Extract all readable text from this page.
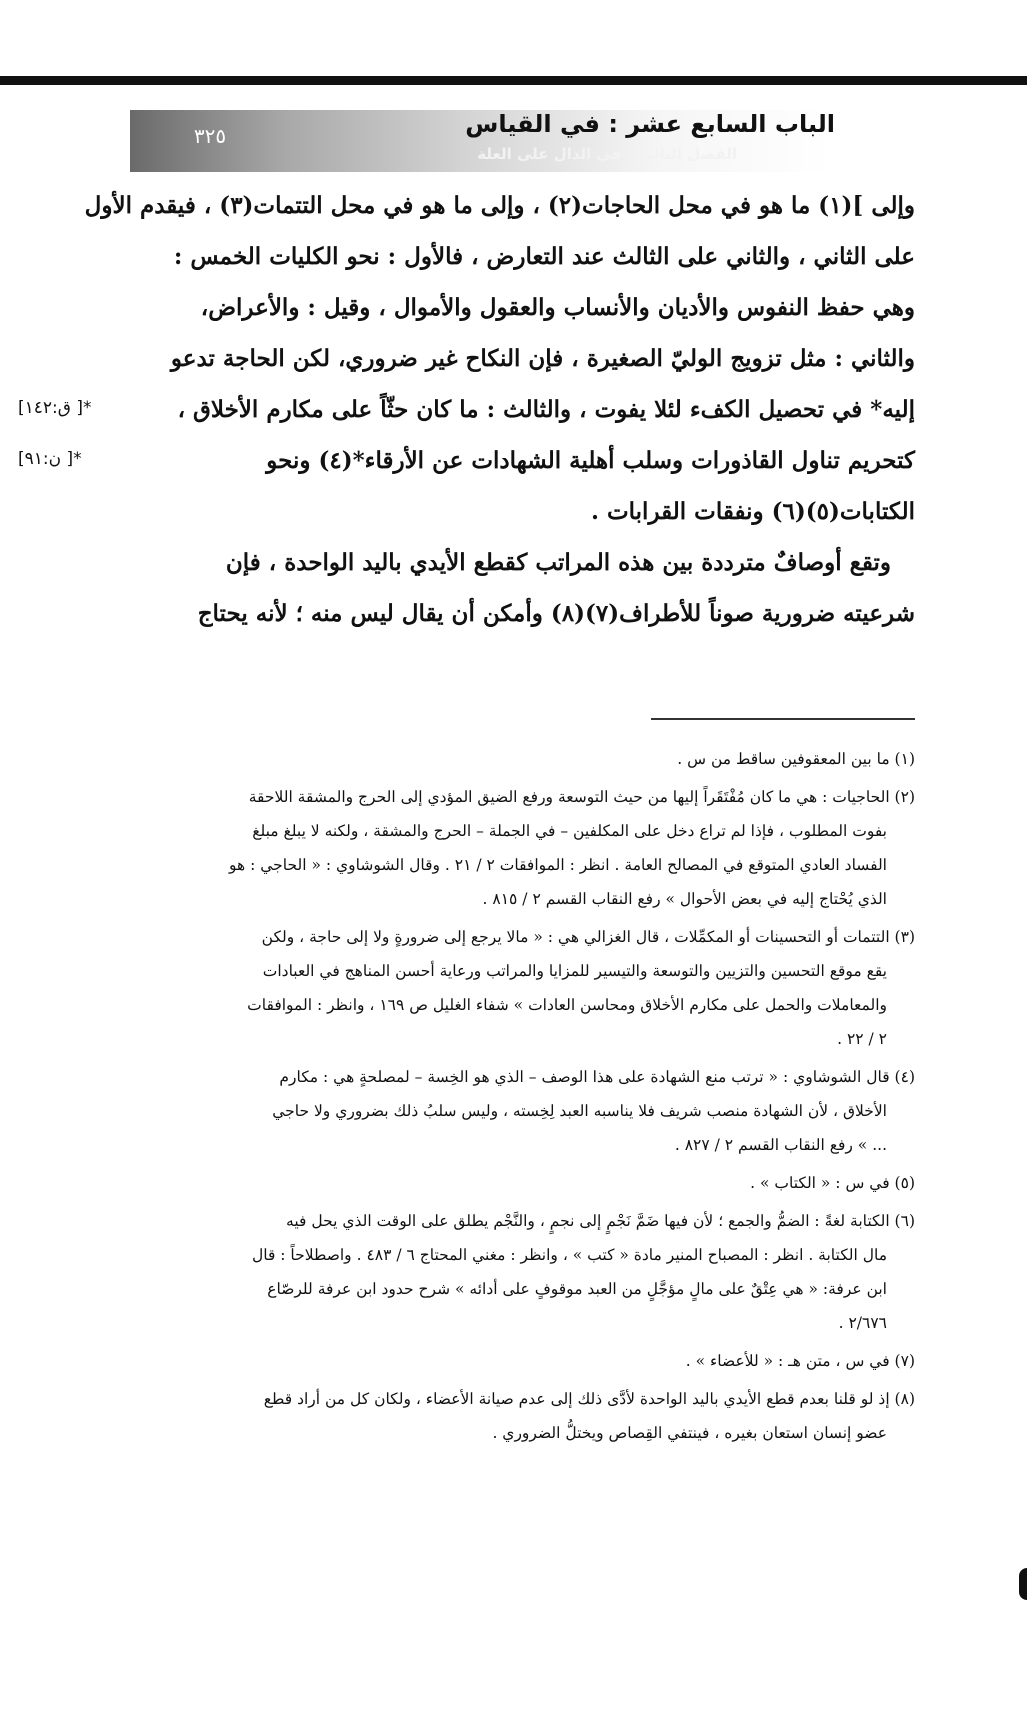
٣٢٥	الباب السابع عشر : في القياس
الفصل الثالث : في الدال على العلة
وإلى ](١) ما هو في محل الحاجات(٢) ، وإلى ما هو في محل التتمات(٣) ، فيقدم الأول
على الثاني ، والثاني على الثالث عند التعارض ، فالأول : نحو الكليات الخمس :
وهي حفظ النفوس والأديان والأنساب والعقول والأموال ، وقيل : والأعراض،
والثاني : مثل تزويج الوليّ الصغيرة ، فإن النكاح غير ضروري، لكن الحاجة تدعو
إليه* في تحصيل الكفء لئلا يفوت ، والثالث : ما كان حثّاً على مكارم الأخلاق ،
كتحريم تناول القاذورات وسلب أهلية الشهادات عن الأرقاء*(٤) ونحو
الكتابات(٥)(٦) ونفقات القرابات .
وتقع أوصافٌ مترددة بين هذه المراتب كقطع الأيدي باليد الواحدة ، فإن
شرعيته ضرورية صوناً للأطراف(٧)(٨) وأمكن أن يقال ليس منه ؛ لأنه يحتاج
*[ ق:١٤٢]
*[ ن:٩١]
(١) ما بين المعقوفين ساقط من س .
(٢) الحاجيات : هي ما كان مُفْتَقَراً إليها من حيث التوسعة ورفع الضيق المؤدي إلى الحرج والمشقة اللاحقة
بفوت المطلوب ، فإذا لم تراع دخل على المكلفين – في الجملة – الحرج والمشقة ، ولكنه لا يبلغ مبلغ
الفساد العادي المتوقع في المصالح العامة . انظر : الموافقات ٢ / ٢١ . وقال الشوشاوي : « الحاجي : هو
الذي يُحْتاج إليه في بعض الأحوال » رفع النقاب القسم ٢ / ٨١٥ .
(٣) التتمات أو التحسينات أو المكمِّلات ، قال الغزالي هي : « مالا يرجع إلى ضرورةٍ ولا إلى حاجة ، ولكن
يقع موقع التحسين والتزيين والتوسعة والتيسير للمزايا والمراتب ورعاية أحسن المناهج في العبادات
والمعاملات والحمل على مكارم الأخلاق ومحاسن العادات » شفاء الغليل ص ١٦٩ ، وانظر : الموافقات
٢ / ٢٢ .
(٤) قال الشوشاوي : « ترتب منع الشهادة على هذا الوصف – الذي هو الخِسة – لمصلحةٍ هي : مكارم
الأخلاق ، لأن الشهادة منصب شريف فلا يناسبه العبد لِخِسته ، وليس سلبُ ذلك بضروري ولا حاجي
... » رفع النقاب القسم ٢ / ٨٢٧ .
(٥) في س : « الكتاب » .
(٦) الكتابة لغةً : الضمُّ والجمع ؛ لأن فيها ضَمَّ نَجْمٍ إلى نجمٍ ، والنَّجْم يطلق على الوقت الذي يحل فيه
مال الكتابة . انظر : المصباح المنير مادة « كتب » ، وانظر : مغني المحتاج ٦ / ٤٨٣ . واصطلاحاً : قال
ابن عرفة: « هي عِتْقٌ على مالٍ مؤجَّلٍ من العبد موقوفٍ على أدائه » شرح حدود ابن عرفة للرصّاع
٢/٦٧٦ .
(٧) في س ، متن هـ : « للأعضاء » .
(٨) إذ لو قلنا بعدم قطع الأيدي باليد الواحدة لأدَّى ذلك إلى عدم صيانة الأعضاء ، ولكان كل من أراد قطع
عضو إنسان استعان بغيره ، فينتفي القِصاص ويختلُّ الضروري .
